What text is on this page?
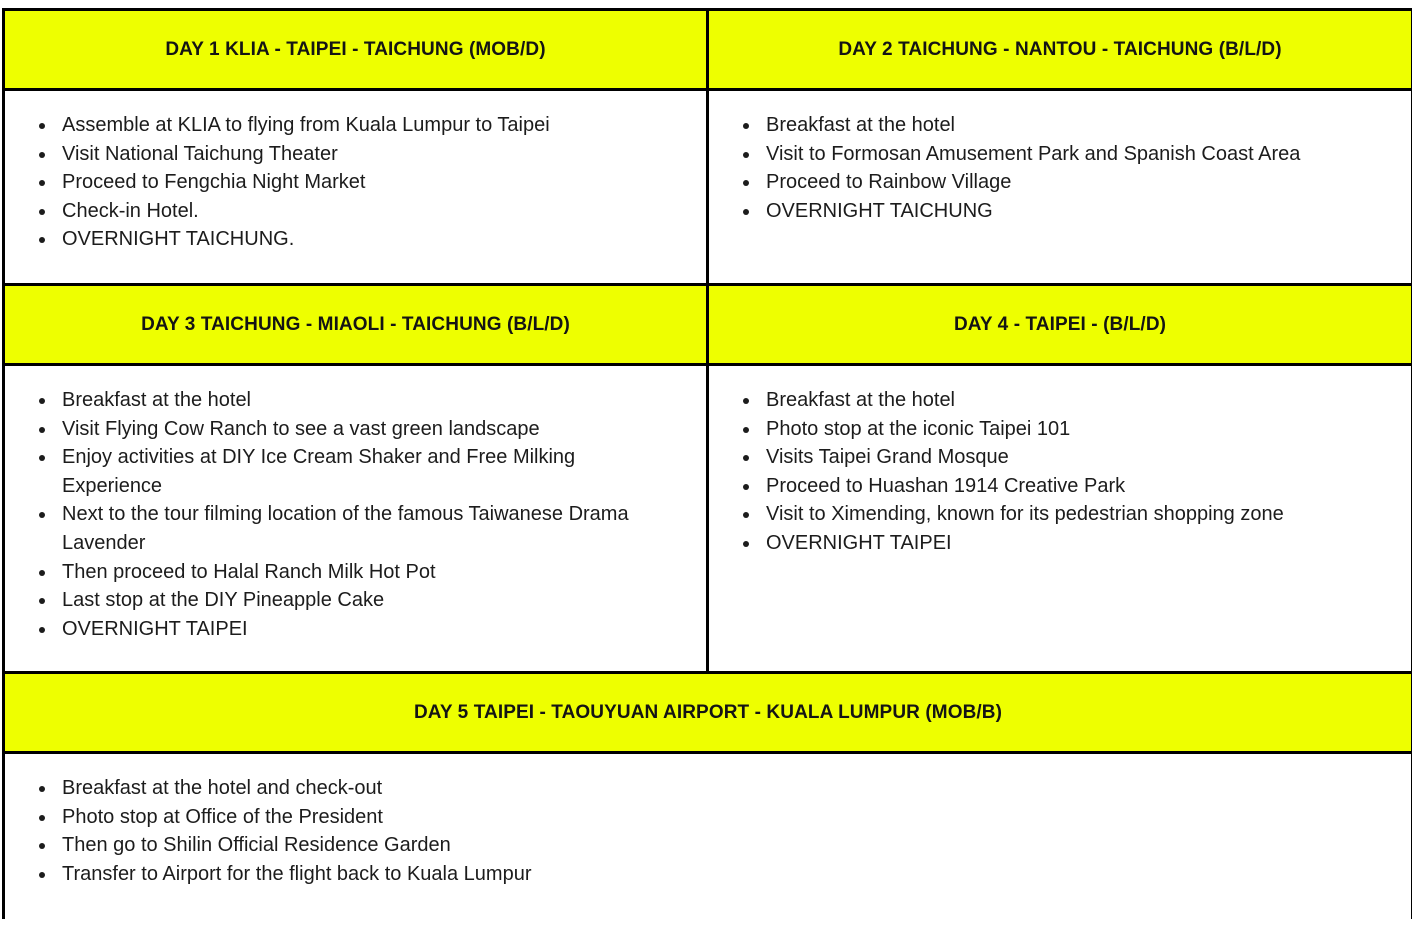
DAY 1 KLIA - TAIPEI - TAICHUNG (MOB/D)	DAY 2 TAICHUNG - NANTOU - TAICHUNG (B/L/D)
Assemble at KLIA to flying from Kuala Lumpur to Taipei
Visit National Taichung Theater
Proceed to Fengchia Night Market
Check-in Hotel.
OVERNIGHT TAICHUNG.
Breakfast at the hotel
Visit to Formosan Amusement Park and Spanish Coast Area
Proceed to Rainbow Village
OVERNIGHT TAICHUNG
DAY 3 TAICHUNG - MIAOLI - TAICHUNG (B/L/D)	DAY 4 - TAIPEI - (B/L/D)
Breakfast at the hotel
Visit Flying Cow Ranch to see a vast green landscape
Enjoy activities at DIY Ice Cream Shaker and Free Milking Experience
Next to the tour filming location of the famous Taiwanese Drama Lavender
Then proceed to Halal Ranch Milk Hot Pot
Last stop at the DIY Pineapple Cake
OVERNIGHT TAIPEI
Breakfast at the hotel
Photo stop at the iconic Taipei 101
Visits Taipei Grand Mosque
Proceed to Huashan 1914 Creative Park
Visit to Ximending, known for its pedestrian shopping zone
OVERNIGHT TAIPEI
DAY 5 TAIPEI - TAOUYUAN AIRPORT - KUALA LUMPUR (MOB/B)
Breakfast at the hotel and check-out
Photo stop at Office of the President
Then go to Shilin Official Residence Garden
Transfer to Airport for the flight back to Kuala Lumpur
